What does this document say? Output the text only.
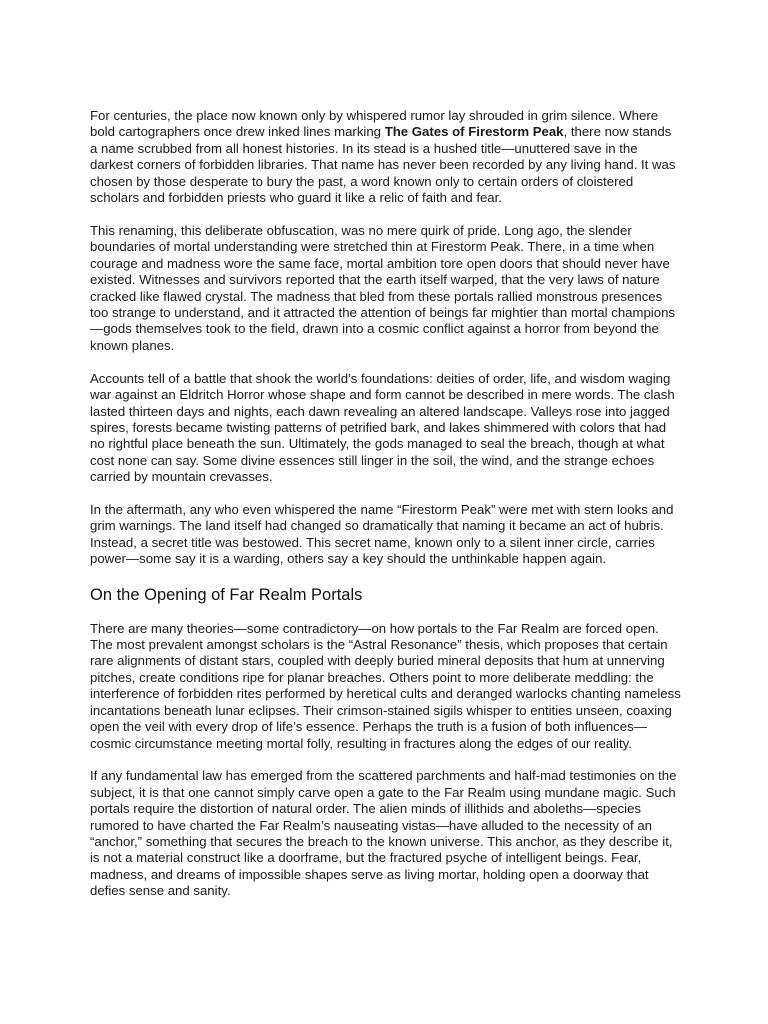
For centuries, the place now known only by whispered rumor lay shrouded in grim silence. Where bold cartographers once drew inked lines marking The Gates of Firestorm Peak, there now stands a name scrubbed from all honest histories. In its stead is a hushed title—unuttered save in the darkest corners of forbidden libraries. That name has never been recorded by any living hand. It was chosen by those desperate to bury the past, a word known only to certain orders of cloistered scholars and forbidden priests who guard it like a relic of faith and fear.

This renaming, this deliberate obfuscation, was no mere quirk of pride. Long ago, the slender boundaries of mortal understanding were stretched thin at Firestorm Peak. There, in a time when courage and madness wore the same face, mortal ambition tore open doors that should never have existed. Witnesses and survivors reported that the earth itself warped, that the very laws of nature cracked like flawed crystal. The madness that bled from these portals rallied monstrous presences too strange to understand, and it attracted the attention of beings far mightier than mortal champions—gods themselves took to the field, drawn into a cosmic conflict against a horror from beyond the known planes.

Accounts tell of a battle that shook the world’s foundations: deities of order, life, and wisdom waging war against an Eldritch Horror whose shape and form cannot be described in mere words. The clash lasted thirteen days and nights, each dawn revealing an altered landscape. Valleys rose into jagged spires, forests became twisting patterns of petrified bark, and lakes shimmered with colors that had no rightful place beneath the sun. Ultimately, the gods managed to seal the breach, though at what cost none can say. Some divine essences still linger in the soil, the wind, and the strange echoes carried by mountain crevasses.

In the aftermath, any who even whispered the name “Firestorm Peak” were met with stern looks and grim warnings. The land itself had changed so dramatically that naming it became an act of hubris. Instead, a secret title was bestowed. This secret name, known only to a silent inner circle, carries power—some say it is a warding, others say a key should the unthinkable happen again.

On the Opening of Far Realm Portals

There are many theories—some contradictory—on how portals to the Far Realm are forced open. The most prevalent amongst scholars is the “Astral Resonance” thesis, which proposes that certain rare alignments of distant stars, coupled with deeply buried mineral deposits that hum at unnerving pitches, create conditions ripe for planar breaches. Others point to more deliberate meddling: the interference of forbidden rites performed by heretical cults and deranged warlocks chanting nameless incantations beneath lunar eclipses. Their crimson-stained sigils whisper to entities unseen, coaxing open the veil with every drop of life’s essence. Perhaps the truth is a fusion of both influences—cosmic circumstance meeting mortal folly, resulting in fractures along the edges of our reality.

If any fundamental law has emerged from the scattered parchments and half-mad testimonies on the subject, it is that one cannot simply carve open a gate to the Far Realm using mundane magic. Such portals require the distortion of natural order. The alien minds of illithids and aboleths—species rumored to have charted the Far Realm’s nauseating vistas—have alluded to the necessity of an “anchor,” something that secures the breach to the known universe. This anchor, as they describe it, is not a material construct like a doorframe, but the fractured psyche of intelligent beings. Fear, madness, and dreams of impossible shapes serve as living mortar, holding open a doorway that defies sense and sanity.
